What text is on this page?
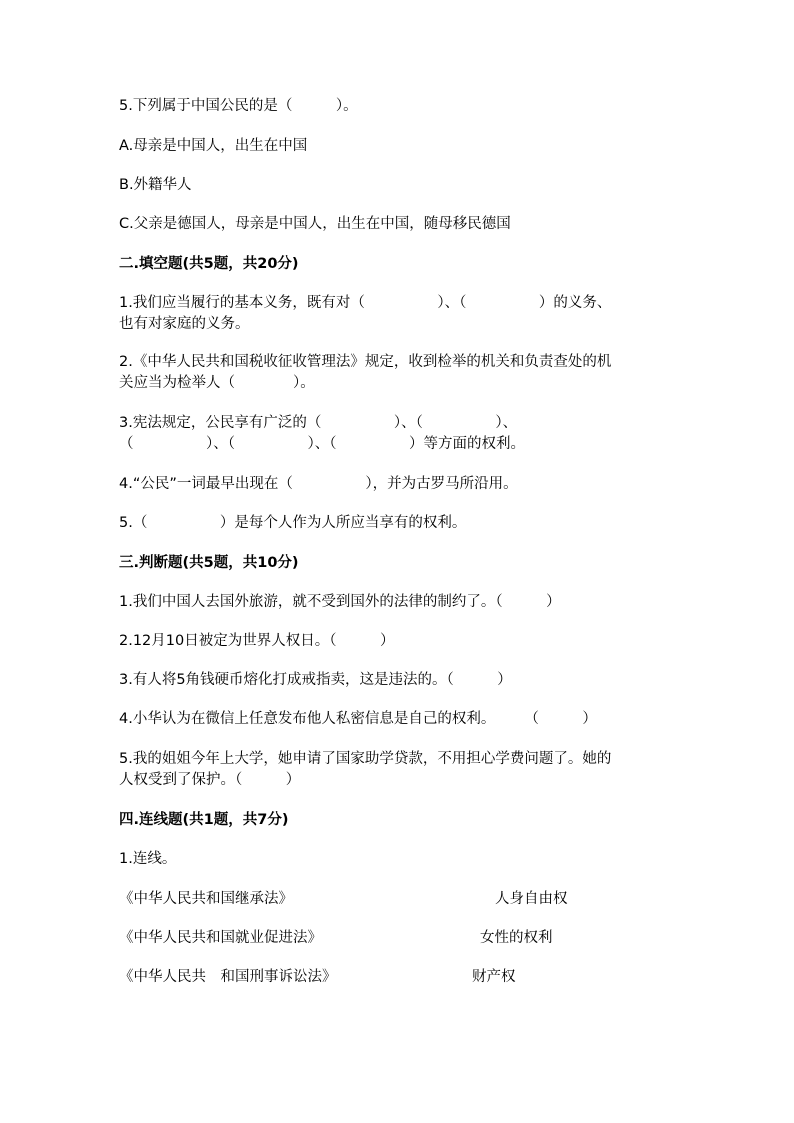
5.下列属于中国公民的是（　　　）。
A.母亲是中国人，出生在中国
B.外籍华人
C.父亲是德国人，母亲是中国人，出生在中国，随母移民德国
二.填空题(共5题，共20分)
1.我们应当履行的基本义务，既有对（　　　　　）、（　　　　　）的义务、
也有对家庭的义务。
2.《中华人民共和国税收征收管理法》规定，收到检举的机关和负责查处的机
关应当为检举人（　　　　）。
3.宪法规定，公民享有广泛的（　　　　　）、（　　　　　）、
（　　　　　）、（　　　　　）、（　　　　　）等方面的权利。
4.“公民”一词最早出现在（　　　　　），并为古罗马所沿用。
5.（　　　　　）是每个人作为人所应当享有的权利。
三.判断题(共5题，共10分)
1.我们中国人去国外旅游，就不受到国外的法律的制约了。（　　　）
2.12月10日被定为世界人权日。（　　　）
3.有人将5角钱硬币熔化打成戒指卖，这是违法的。（　　　）
4.小华认为在微信上任意发布他人私密信息是自己的权利。　　　（　　　）
5.我的姐姐今年上大学，她申请了国家助学贷款，不用担心学费问题了。她的
人权受到了保护。（　　　）
四.连线题(共1题，共7分)
1.连线。
《中华人民共和国继承法》	人身自由权
《中华人民共和国就业促进法》	女性的权利
《中华人民共　和国刑事诉讼法》	财产权
